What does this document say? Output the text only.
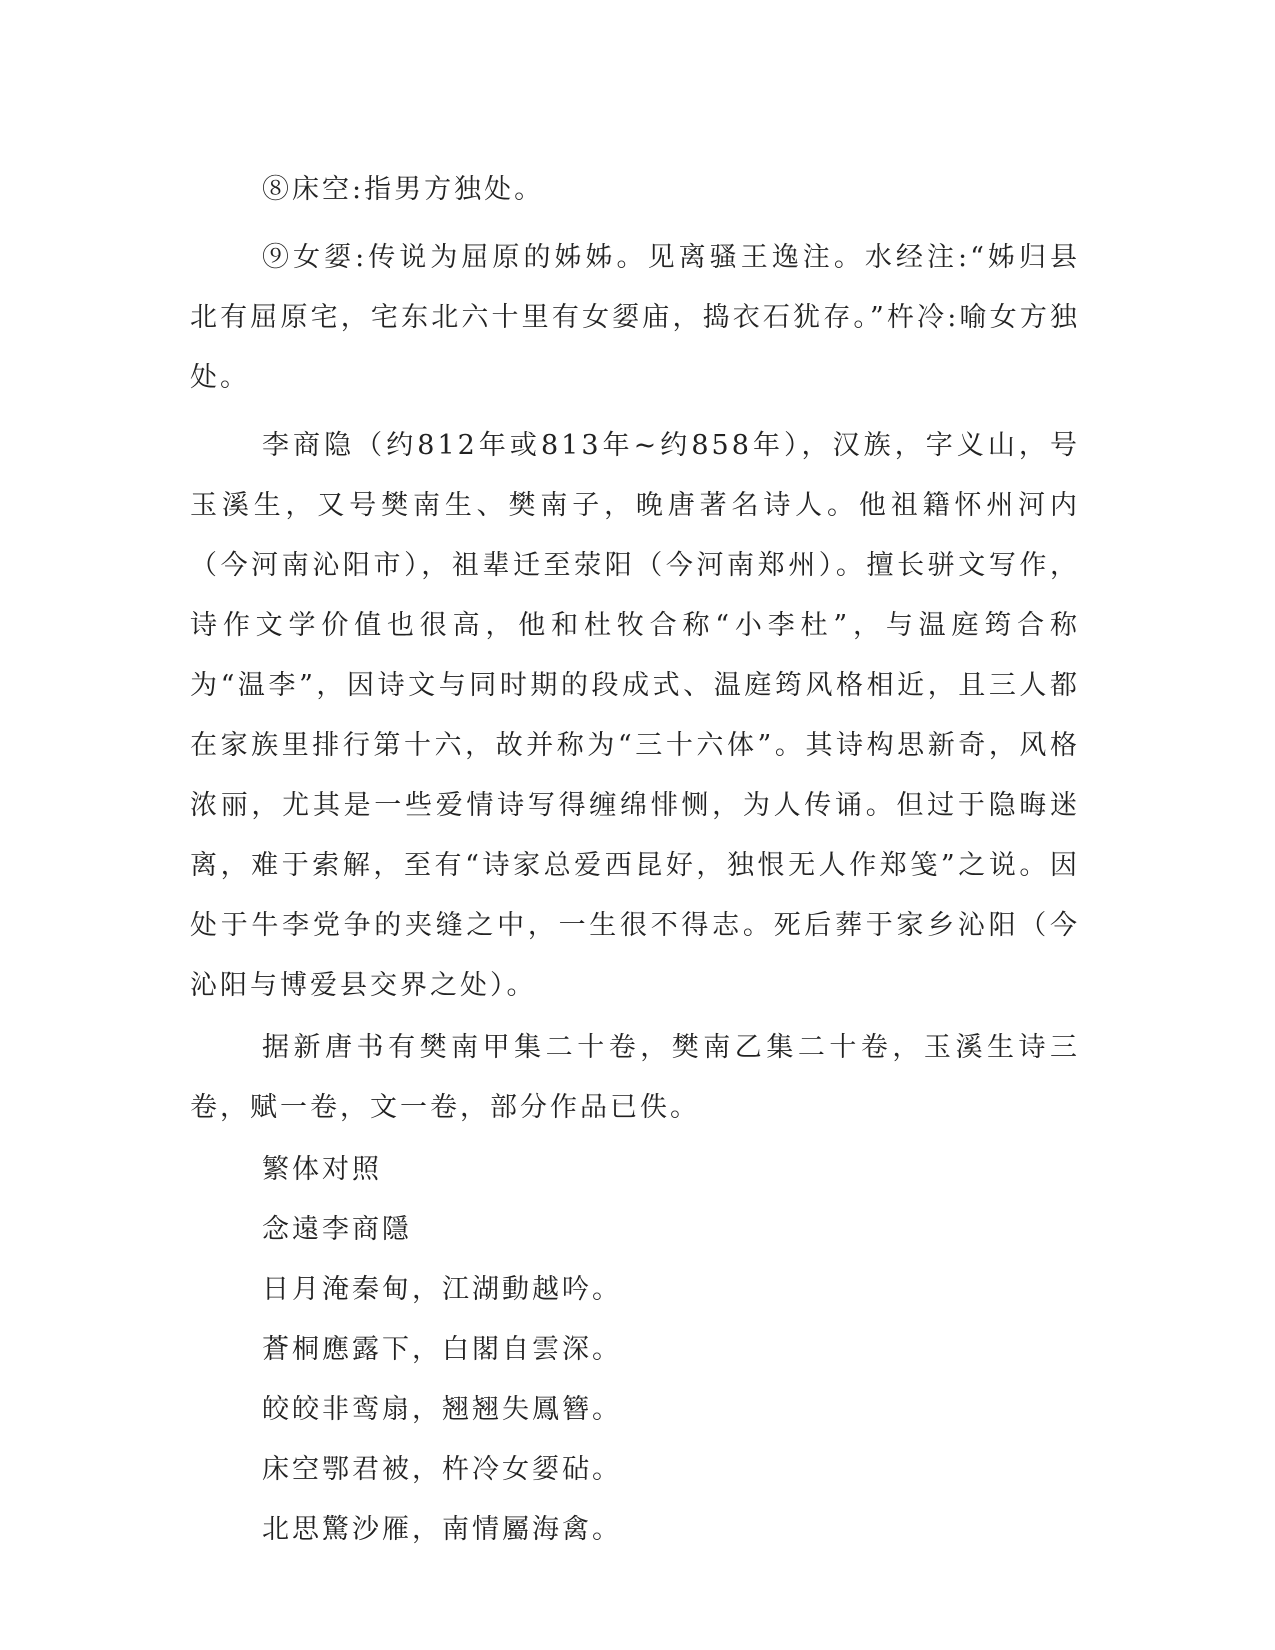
⑧床空:指男方独处。

⑨女媭:传说为屈原的姊姊。见离骚王逸注。水经注:“姊归县北有屈原宅，宅东北六十里有女媭庙，捣衣石犹存。”杵冷:喻女方独处。

李商隐（约812年或813年~约858年），汉族，字义山，号玉溪生，又号樊南生、樊南子，晚唐著名诗人。他祖籍怀州河内（今河南沁阳市），祖辈迁至荥阳（今河南郑州）。擅长骈文写作，诗作文学价值也很高，他和杜牧合称“小李杜”，与温庭筠合称为“温李”，因诗文与同时期的段成式、温庭筠风格相近，且三人都在家族里排行第十六，故并称为“三十六体”。其诗构思新奇，风格浓丽，尤其是一些爱情诗写得缠绵悱恻，为人传诵。但过于隐晦迷离，难于索解，至有“诗家总爱西昆好，独恨无人作郑笺”之说。因处于牛李党争的夹缝之中，一生很不得志。死后葬于家乡沁阳（今沁阳与博爱县交界之处）。

据新唐书有樊南甲集二十卷，樊南乙集二十卷，玉溪生诗三卷，赋一卷，文一卷，部分作品已佚。

繁体对照

念遠李商隱

日月淹秦甸，江湖動越吟。

蒼桐應露下，白閣自雲深。

皎皎非鸾扇，翘翘失鳳簪。

床空鄂君被，杵冷女媭砧。

北思驚沙雁，南情屬海禽。
